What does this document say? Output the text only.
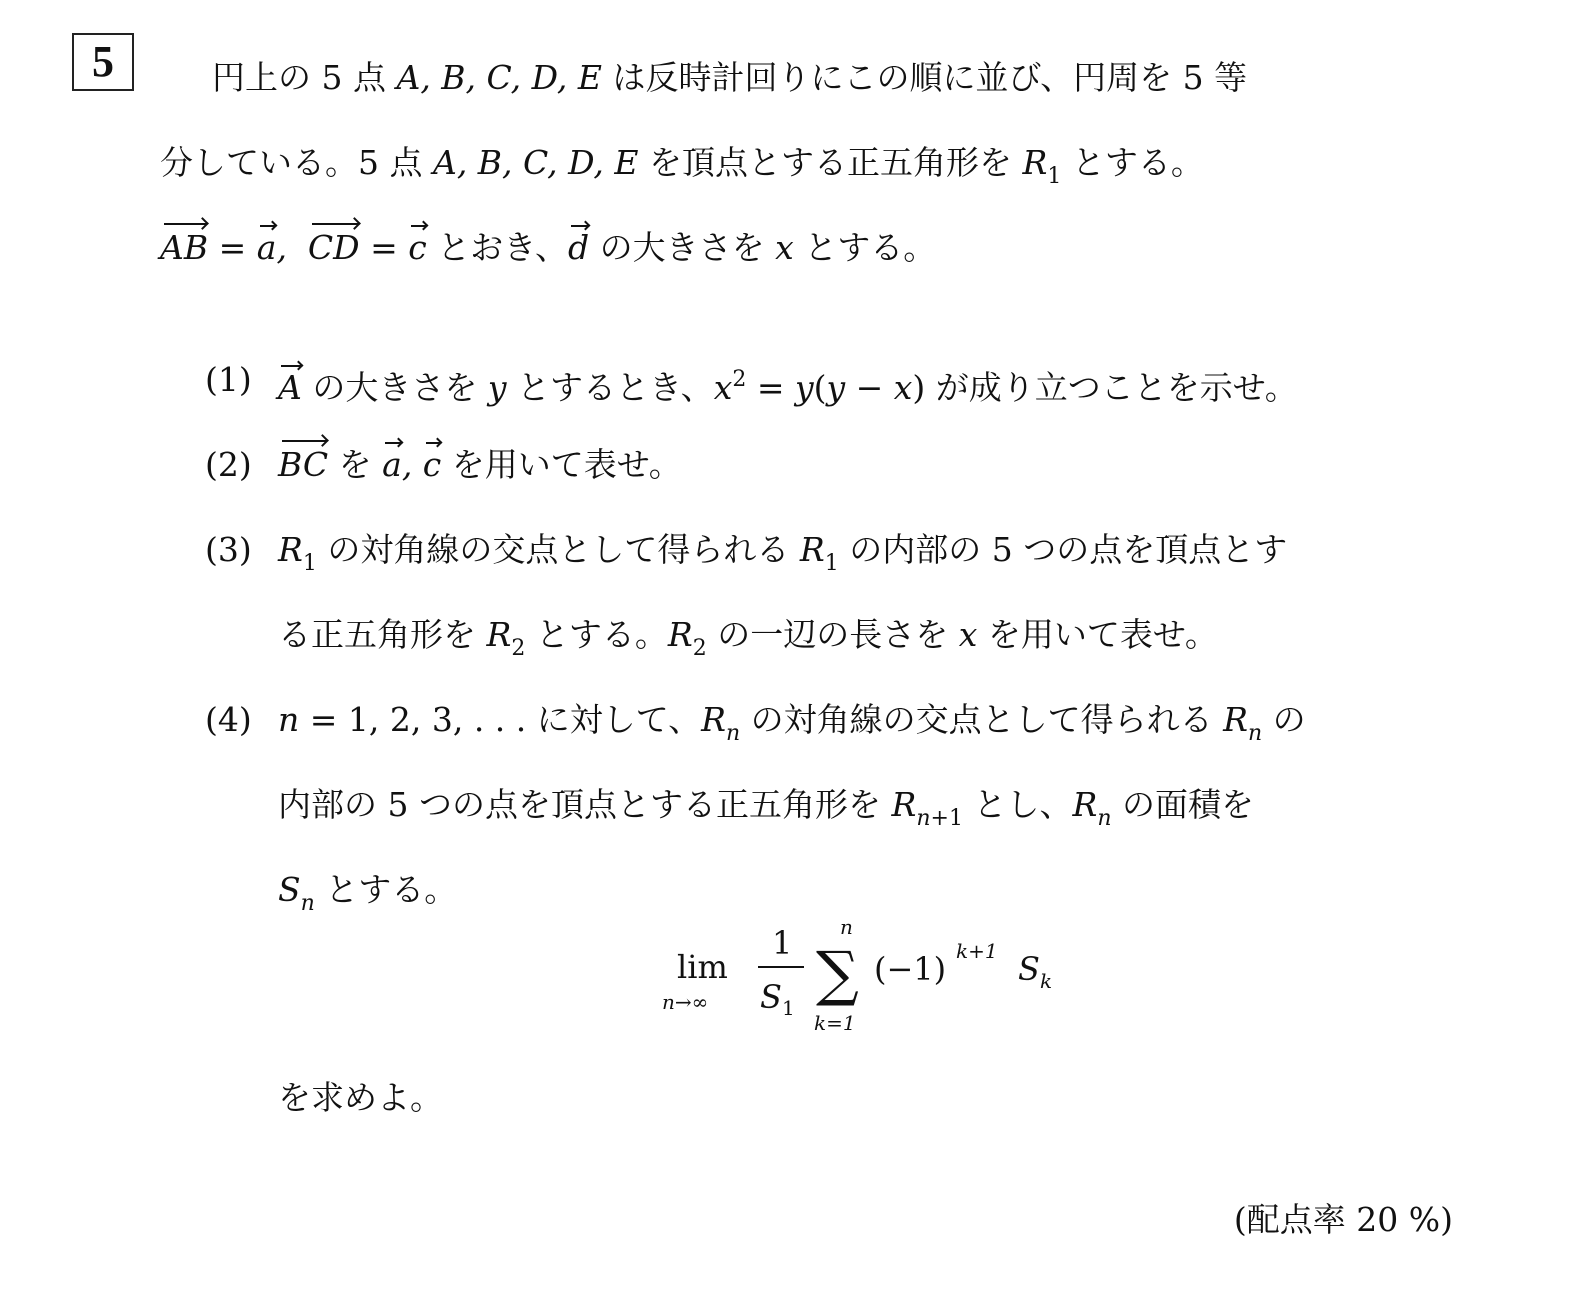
5	円上の 5 点 A, B, C, D, E は反時計回りにこの順に並び、円周を 5 等
分している。5 点 A, B, C, D, E を頂点とする正五角形を $R_1$ とする。
AB = a,  CD = c とおき、d の大きさを x とする。
(1) A の大きさを y とするとき、$x^2 = y(y - x)$ が成り立つことを示せ。
(2) BC を a, c を用いて表せ。
(3) $R_1$ の対角線の交点として得られる $R_1$ の内部の 5 つの点を頂点とす
る正五角形を $R_2$ とする。$R_2$ の一辺の長さを x を用いて表せ。
(4) n = 1, 2, 3, . . . に対して、$R_n$ の対角線の交点として得られる $R_n$ の
内部の 5 つの点を頂点とする正五角形を $R_{n+1}$ とし、$R_n$ の面積を
$S_n$ とする。
lim
n→∞
1
S 1
n
∑
k=1
(−1) k+1 S k
を求めよ。
(配点率 20 %)
